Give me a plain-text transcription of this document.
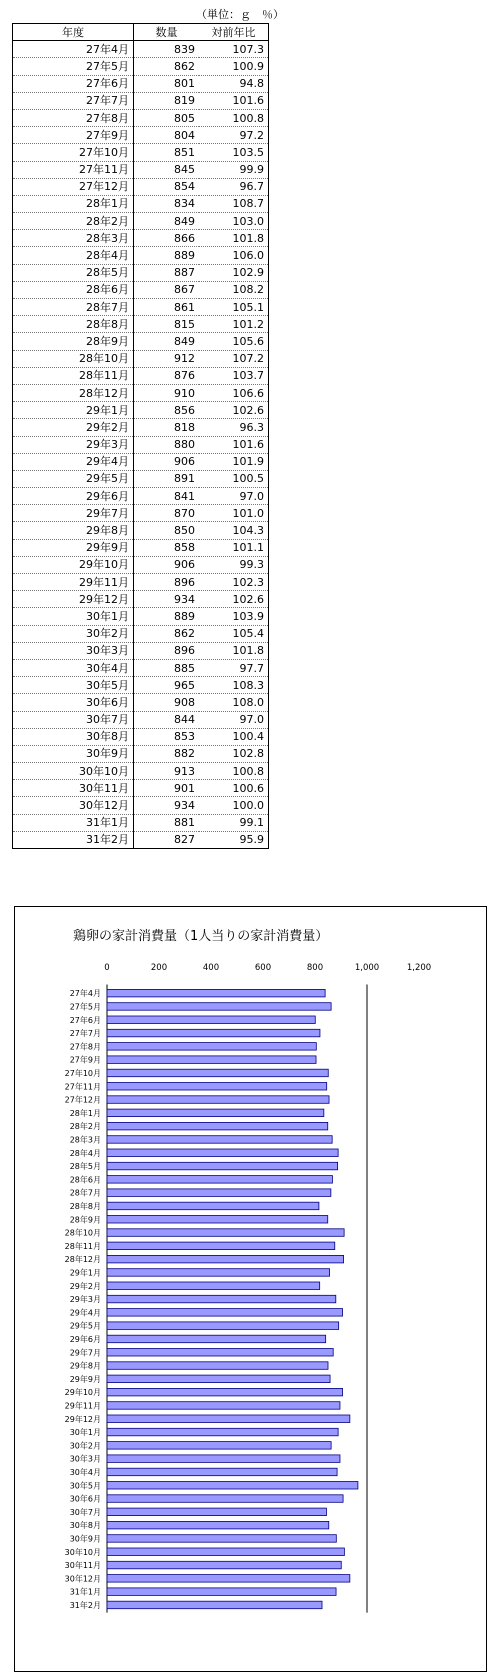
（単位：ｇ　％）
年度	数量	対前年比
27年4月	839	107.3
27年5月	862	100.9
27年6月	801	94.8
27年7月	819	101.6
27年8月	805	100.8
27年9月	804	97.2
27年10月	851	103.5
27年11月	845	99.9
27年12月	854	96.7
28年1月	834	108.7
28年2月	849	103.0
28年3月	866	101.8
28年4月	889	106.0
28年5月	887	102.9
28年6月	867	108.2
28年7月	861	105.1
28年8月	815	101.2
28年9月	849	105.6
28年10月	912	107.2
28年11月	876	103.7
28年12月	910	106.6
29年1月	856	102.6
29年2月	818	96.3
29年3月	880	101.6
29年4月	906	101.9
29年5月	891	100.5
29年6月	841	97.0
29年7月	870	101.0
29年8月	850	104.3
29年9月	858	101.1
29年10月	906	99.3
29年11月	896	102.3
29年12月	934	102.6
30年1月	889	103.9
30年2月	862	105.4
30年3月	896	101.8
30年4月	885	97.7
30年5月	965	108.3
30年6月	908	108.0
30年7月	844	97.0
30年8月	853	100.4
30年9月	882	102.8
30年10月	913	100.8
30年11月	901	100.6
30年12月	934	100.0
31年1月	881	99.1
31年2月	827	95.9
鶏卵の家計消費量（1人当りの家計消費量）
0	200	400	600	800	1,000	1,200
27年4月
27年5月
27年6月
27年7月
27年8月
27年9月
27年10月
27年11月
27年12月
28年1月
28年2月
28年3月
28年4月
28年5月
28年6月
28年7月
28年8月
28年9月
28年10月
28年11月
28年12月
29年1月
29年2月
29年3月
29年4月
29年5月
29年6月
29年7月
29年8月
29年9月
29年10月
29年11月
29年12月
30年1月
30年2月
30年3月
30年4月
30年5月
30年6月
30年7月
30年8月
30年9月
30年10月
30年11月
30年12月
31年1月
31年2月
